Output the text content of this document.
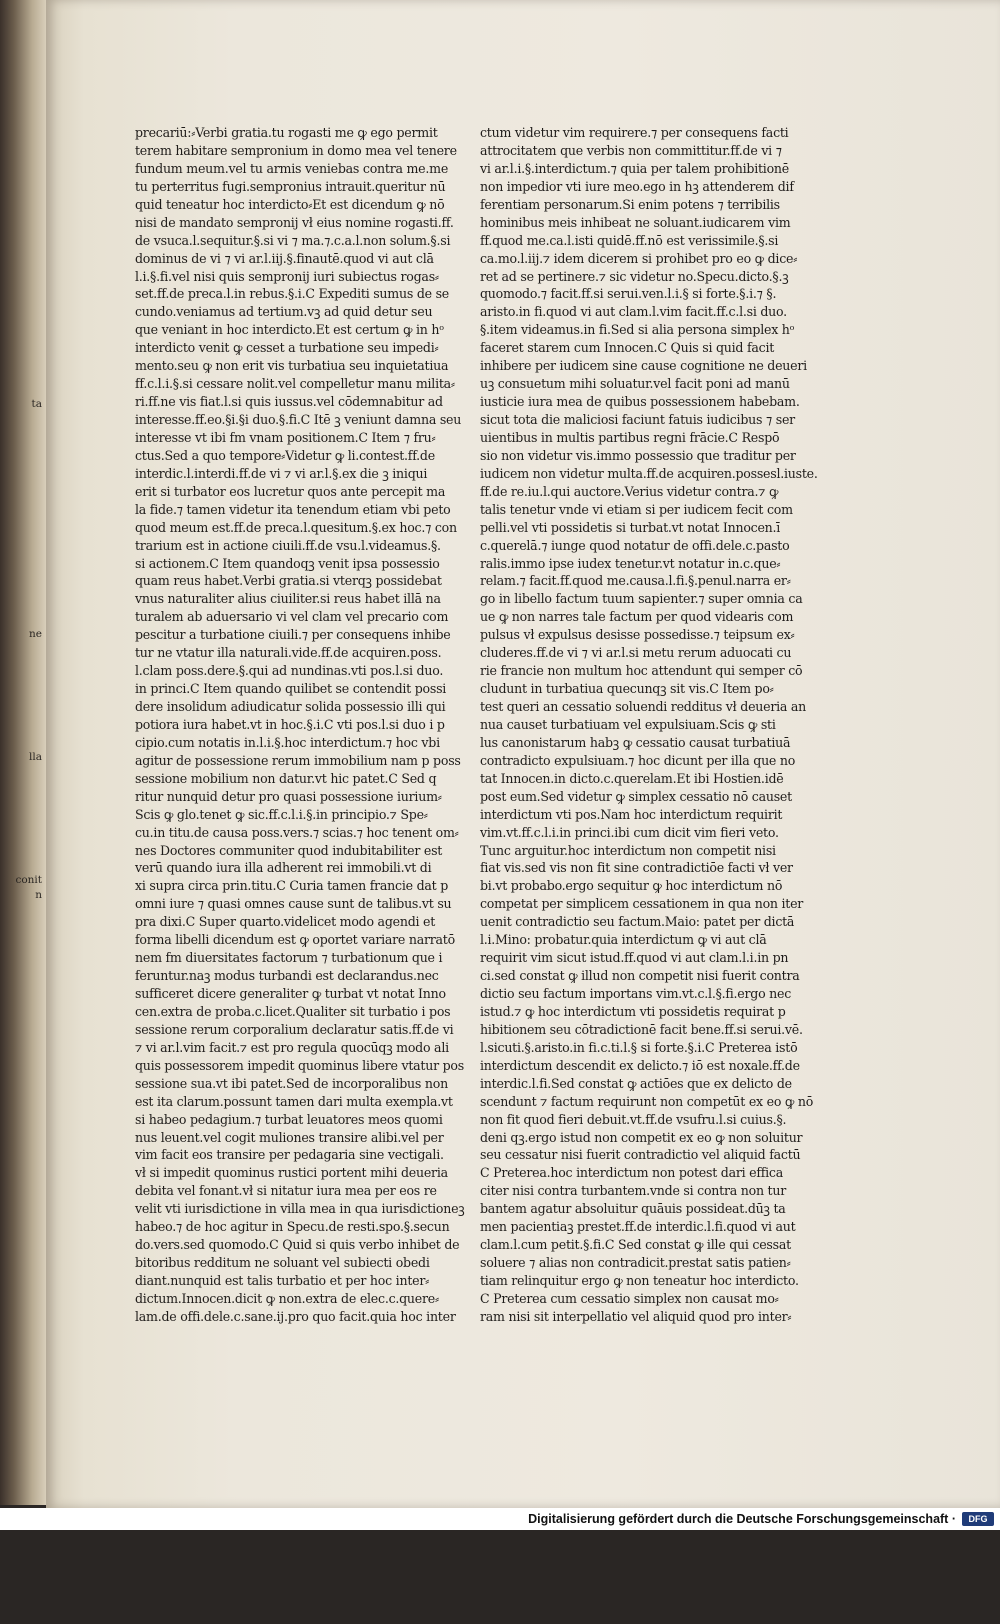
ta
ne
lla
conit
n
precariū:⸗Verbi gratia.tu rogasti me ꝙ ego permit
terem habitare sempronium in domo mea vel tenere
fundum meum.vel tu armis veniebas contra me.me
tu perterritus fugi.sempronius intrauit.queritur nū
quid teneatur hoc interdicto⸗Et est dicendum ꝙ nō
nisi de mandato sempronij vł eius nomine rogasti.ff.
de vsuca.l.sequitur.§.si vi ⁊ ma.⁊.c.a.l.non solum.§.si
dominus de vi ⁊ vi ar.l.iij.§.finautē.quod vi aut clā
l.i.§.fi.vel nisi quis sempronij iuri subiectus rogas⸗
set.ff.de preca.l.in rebus.§.i.C Expediti sumus de se
cundo.veniamus ad tertium.vꝫ ad quid detur seu
que veniant in hoc interdicto.Et est certum ꝙ in hᵒ
interdicto venit ꝙ cesset a turbatione seu impedi⸗
mento.seu ꝙ non erit vis turbatiua seu inquietatiua
ff.c.l.i.§.si cessare nolit.vel compelletur manu milita⸗
ri.ff.ne vis fiat.l.si quis iussus.vel cōdemnabitur ad
interesse.ff.eo.§i.§i duo.§.fi.C Itē ꝫ veniunt damna seu
interesse vt ibi fm vnam positionem.C Item ⁊ fru⸗
ctus.Sed a quo tempore⸗Videtur ꝙ li.contest.ff.de
interdic.l.interdi.ff.de vi ⁊ vi ar.l.§.ex die ꝫ iniqui
erit si turbator eos lucretur quos ante percepit ma
la fide.⁊ tamen videtur ita tenendum etiam vbi peto
quod meum est.ff.de preca.l.quesitum.§.ex hoc.⁊ con
trarium est in actione ciuili.ff.de vsu.l.videamus.§.
si actionem.C Item quandoqꝫ venit ipsa possessio
quam reus habet.Verbi gratia.si vterqꝫ possidebat
vnus naturaliter alius ciuiliter.si reus habet illā na
turalem ab aduersario vi vel clam vel precario com
pescitur a turbatione ciuili.⁊ per consequens inhibe
tur ne vtatur illa naturali.vide.ff.de acquiren.poss.
l.clam poss.dere.§.qui ad nundinas.vti pos.l.si duo.
in princi.C Item quando quilibet se contendit possi
dere insolidum adiudicatur solida possessio illi qui
potiora iura habet.vt in hoc.§.i.C vti pos.l.si duo i p
cipio.cum notatis in.l.i.§.hoc interdictum.⁊ hoc vbi
agitur de possessione rerum immobilium nam p poss
sessione mobilium non datur.vt hic patet.C Sed q
ritur nunquid detur pro quasi possessione iurium⸗
Scis ꝙ glo.tenet ꝙ sic.ff.c.l.i.§.in principio.⁊ Spe⸗
cu.in titu.de causa poss.vers.⁊ scias.⁊ hoc tenent om⸗
nes Doctores communiter quod indubitabiliter est
verū quando iura illa adherent rei immobili.vt di
xi supra circa prin.titu.C Curia tamen francie dat p
omni iure ⁊ quasi omnes cause sunt de talibus.vt su
pra dixi.C Super quarto.videlicet modo agendi et
forma libelli dicendum est ꝙ oportet variare narratō
nem fm diuersitates factorum ⁊ turbationum que i
feruntur.naꝫ modus turbandi est declarandus.nec
sufficeret dicere generaliter ꝙ turbat vt notat Inno
cen.extra de proba.c.licet.Qualiter sit turbatio i pos
sessione rerum corporalium declaratur satis.ff.de vi
⁊ vi ar.l.vim facit.⁊ est pro regula quocūqꝫ modo ali
quis possessorem impedit quominus libere vtatur pos
sessione sua.vt ibi patet.Sed de incorporalibus non
est ita clarum.possunt tamen dari multa exempla.vt
si habeo pedagium.⁊ turbat leuatores meos quomi
nus leuent.vel cogit muliones transire alibi.vel per
vim facit eos transire per pedagaria sine vectigali.
vł si impedit quominus rustici portent mihi deueria
debita vel fonant.vł si nitatur iura mea per eos re
velit vti iurisdictione in villa mea in qua iurisdictioneꝫ
habeo.⁊ de hoc agitur in Specu.de resti.spo.§.secun
do.vers.sed quomodo.C Quid si quis verbo inhibet de
bitoribus redditum ne soluant vel subiecti obedi
diant.nunquid est talis turbatio et per hoc inter⸗
dictum.Innocen.dicit ꝙ non.extra de elec.c.quere⸗
lam.de offi.dele.c.sane.ij.pro quo facit.quia hoc inter
ctum videtur vim requirere.⁊ per consequens facti
attrocitatem que verbis non committitur.ff.de vi ⁊
vi ar.l.i.§.interdictum.⁊ quia per talem prohibitionē
non impedior vti iure meo.ego in hꝫ attenderem dif
ferentiam personarum.Si enim potens ⁊ terribilis
hominibus meis inhibeat ne soluant.iudicarem vim
ff.quod me.ca.l.isti quidē.ff.nō est verissimile.§.si
ca.mo.l.iij.⁊ idem dicerem si prohibet pro eo ꝙ dice⸗
ret ad se pertinere.⁊ sic videtur no.Specu.dicto.§.ꝫ
quomodo.⁊ facit.ff.si serui.ven.l.i.§ si forte.§.i.⁊ §.
aristo.in fi.quod vi aut clam.l.vim facit.ff.c.l.si duo.
§.item videamus.in fi.Sed si alia persona simplex hᵒ
faceret starem cum Innocen.C Quis si quid facit
inhibere per iudicem sine cause cognitione ne deueri
uꝫ consuetum mihi soluatur.vel facit poni ad manū
iusticie iura mea de quibus possessionem habebam.
sicut tota die maliciosi faciunt fatuis iudicibus ⁊ ser
uientibus in multis partibus regni frācie.C Respō
sio non videtur vis.immo possessio que traditur per
iudicem non videtur multa.ff.de acquiren.possesl.iuste.
ff.de re.iu.l.qui auctore.Verius videtur contra.⁊ ꝙ
talis tenetur vnde vi etiam si per iudicem fecit com
pelli.vel vti possidetis si turbat.vt notat Innocen.ī
c.querelā.⁊ iunge quod notatur de offi.dele.c.pasto
ralis.immo ipse iudex tenetur.vt notatur in.c.que⸗
relam.⁊ facit.ff.quod me.causa.l.fi.§.penul.narra er⸗
go in libello factum tuum sapienter.⁊ super omnia ca
ue ꝙ non narres tale factum per quod videaris com
pulsus vł expulsus desisse possedisse.⁊ teipsum ex⸗
cluderes.ff.de vi ⁊ vi ar.l.si metu rerum aduocati cu
rie francie non multum hoc attendunt qui semper cō
cludunt in turbatiua quecunqꝫ sit vis.C Item po⸗
test queri an cessatio soluendi redditus vł deueria an
nua causet turbatiuam vel expulsiuam.Scis ꝙ sti
lus canonistarum habꝫ ꝙ cessatio causat turbatiuā
contradicto expulsiuam.⁊ hoc dicunt per illa que no
tat Innocen.in dicto.c.querelam.Et ibi Hostien.idē
post eum.Sed videtur ꝙ simplex cessatio nō causet
interdictum vti pos.Nam hoc interdictum requirit
vim.vt.ff.c.l.i.in princi.ibi cum dicit vim fieri veto.
Tunc arguitur.hoc interdictum non competit nisi
fiat vis.sed vis non fit sine contradictiōe facti vł ver
bi.vt probabo.ergo sequitur ꝙ hoc interdictum nō
competat per simplicem cessationem in qua non iter
uenit contradictio seu factum.Maio: patet per dictā
l.i.Mino: probatur.quia interdictum ꝙ vi aut clā
requirit vim sicut istud.ff.quod vi aut clam.l.i.in pn
ci.sed constat ꝙ illud non competit nisi fuerit contra
dictio seu factum importans vim.vt.c.l.§.fi.ergo nec
istud.⁊ ꝙ hoc interdictum vti possidetis requirat p
hibitionem seu cōtradictionē facit bene.ff.si serui.vē.
l.sicuti.§.aristo.in fi.c.ti.l.§ si forte.§.i.C Preterea istō
interdictum descendit ex delicto.⁊ iō est noxale.ff.de
interdic.l.fi.Sed constat ꝙ actiōes que ex delicto de
scendunt ⁊ factum requirunt non competūt ex eo ꝙ nō
non fit quod fieri debuit.vt.ff.de vsufru.l.si cuius.§.
deni qꝫ.ergo istud non competit ex eo ꝙ non soluitur
seu cessatur nisi fuerit contradictio vel aliquid factū
C Preterea.hoc interdictum non potest dari effica
citer nisi contra turbantem.vnde si contra non tur
bantem agatur absoluitur quāuis possideat.dūꝫ ta
men pacientiaꝫ prestet.ff.de interdic.l.fi.quod vi aut
clam.l.cum petit.§.fi.C Sed constat ꝙ ille qui cessat
soluere ⁊ alias non contradicit.prestat satis patien⸗
tiam relinquitur ergo ꝙ non teneatur hoc interdicto.
C Preterea cum cessatio simplex non causat mo⸗
ram nisi sit interpellatio vel aliquid quod pro inter⸗
Digitalisierung gefördert durch die Deutsche Forschungsgemeinschaft ·	DFG
